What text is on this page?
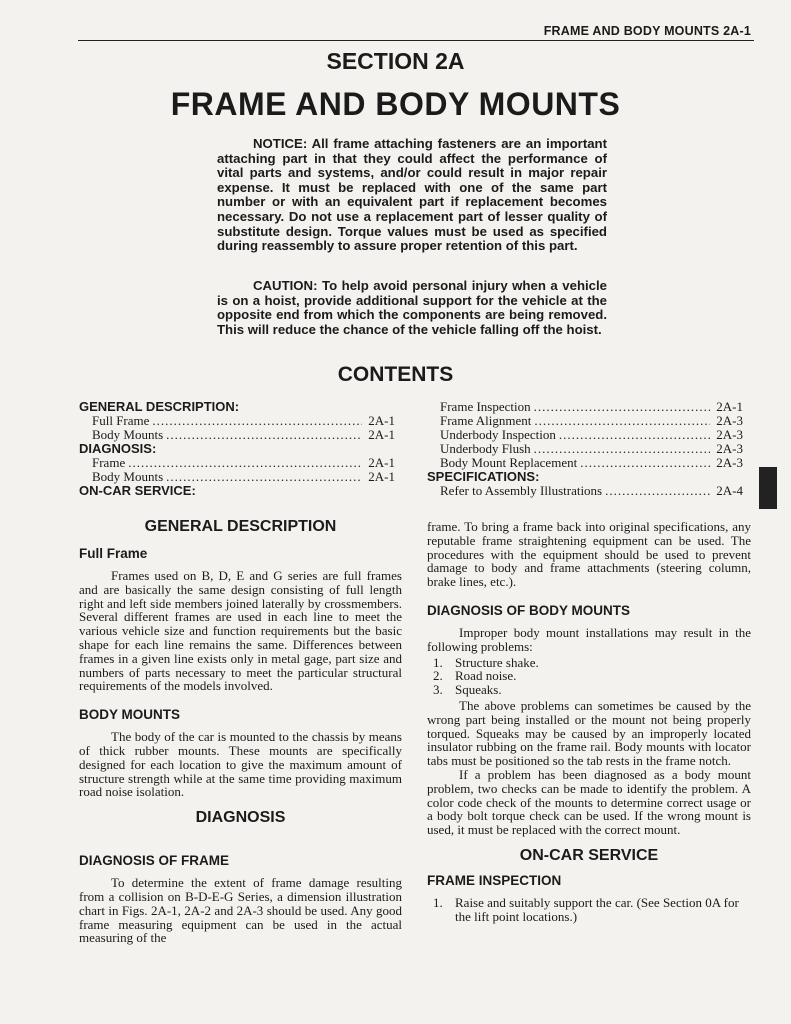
FRAME AND BODY MOUNTS 2A-1
SECTION 2A
FRAME AND BODY MOUNTS
NOTICE: All frame attaching fasteners are an important attaching part in that they could affect the performance of vital parts and systems, and/or could result in major repair expense. It must be replaced with one of the same part number or with an equivalent part if replacement becomes necessary. Do not use a replacement part of lesser quality of substitute design. Torque values must be used as specified during reassembly to assure proper retention of this part.
CAUTION: To help avoid personal injury when a vehicle is on a hoist, provide additional support for the vehicle at the opposite end from which the components are being removed. This will reduce the chance of the vehicle falling off the hoist.
CONTENTS
GENERAL DESCRIPTION:
Full Frame .....	2A-1
Body Mounts .....	2A-1
DIAGNOSIS:
Frame .....	2A-1
Body Mounts .....	2A-1
ON-CAR SERVICE:
Frame Inspection .....	2A-1
Frame Alignment .....	2A-3
Underbody Inspection .....	2A-3
Underbody Flush .....	2A-3
Body Mount Replacement .....	2A-3
SPECIFICATIONS:
Refer to Assembly Illustrations .....	2A-4
GENERAL DESCRIPTION
Full Frame

Frames used on B, D, E and G series are full frames and are basically the same design consisting of full length right and left side members joined laterally by crossmembers. Several different frames are used in each line to meet the various vehicle size and function requirements but the basic shape for each line remains the same. Differences between frames in a given line exists only in metal gage, part size and numbers of parts necessary to meet the particular structural requirements of the models involved.

BODY MOUNTS

The body of the car is mounted to the chassis by means of thick rubber mounts. These mounts are specifically designed for each location to give the maximum amount of structure strength while at the same time providing maximum road noise isolation.

DIAGNOSIS
DIAGNOSIS OF FRAME

To determine the extent of frame damage resulting from a collision on B-D-E-G Series, a dimension illustration chart in Figs. 2A-1, 2A-2 and 2A-3 should be used. Any good frame measuring equipment can be used in the actual measuring of the

frame. To bring a frame back into original specifications, any reputable frame straightening equipment can be used. The procedures with the equipment should be used to prevent damage to body and frame attachments (steering column, brake lines, etc.).

DIAGNOSIS OF BODY MOUNTS

Improper body mount installations may result in the following problems:

1. Structure shake.
2. Road noise.
3. Squeaks.

The above problems can sometimes be caused by the wrong part being installed or the mount not being properly torqued. Squeaks may be caused by an improperly located insulator rubbing on the frame rail. Body mounts with locator tabs must be positioned so the tab rests in the frame notch.

If a problem has been diagnosed as a body mount problem, two checks can be made to identify the problem. A color code check of the mounts to determine correct usage or a body bolt torque check can be used. If the wrong mount is used, it must be replaced with the correct mount.

ON-CAR SERVICE
FRAME INSPECTION
1. Raise and suitably support the car. (See Section 0A for the lift point locations.)
